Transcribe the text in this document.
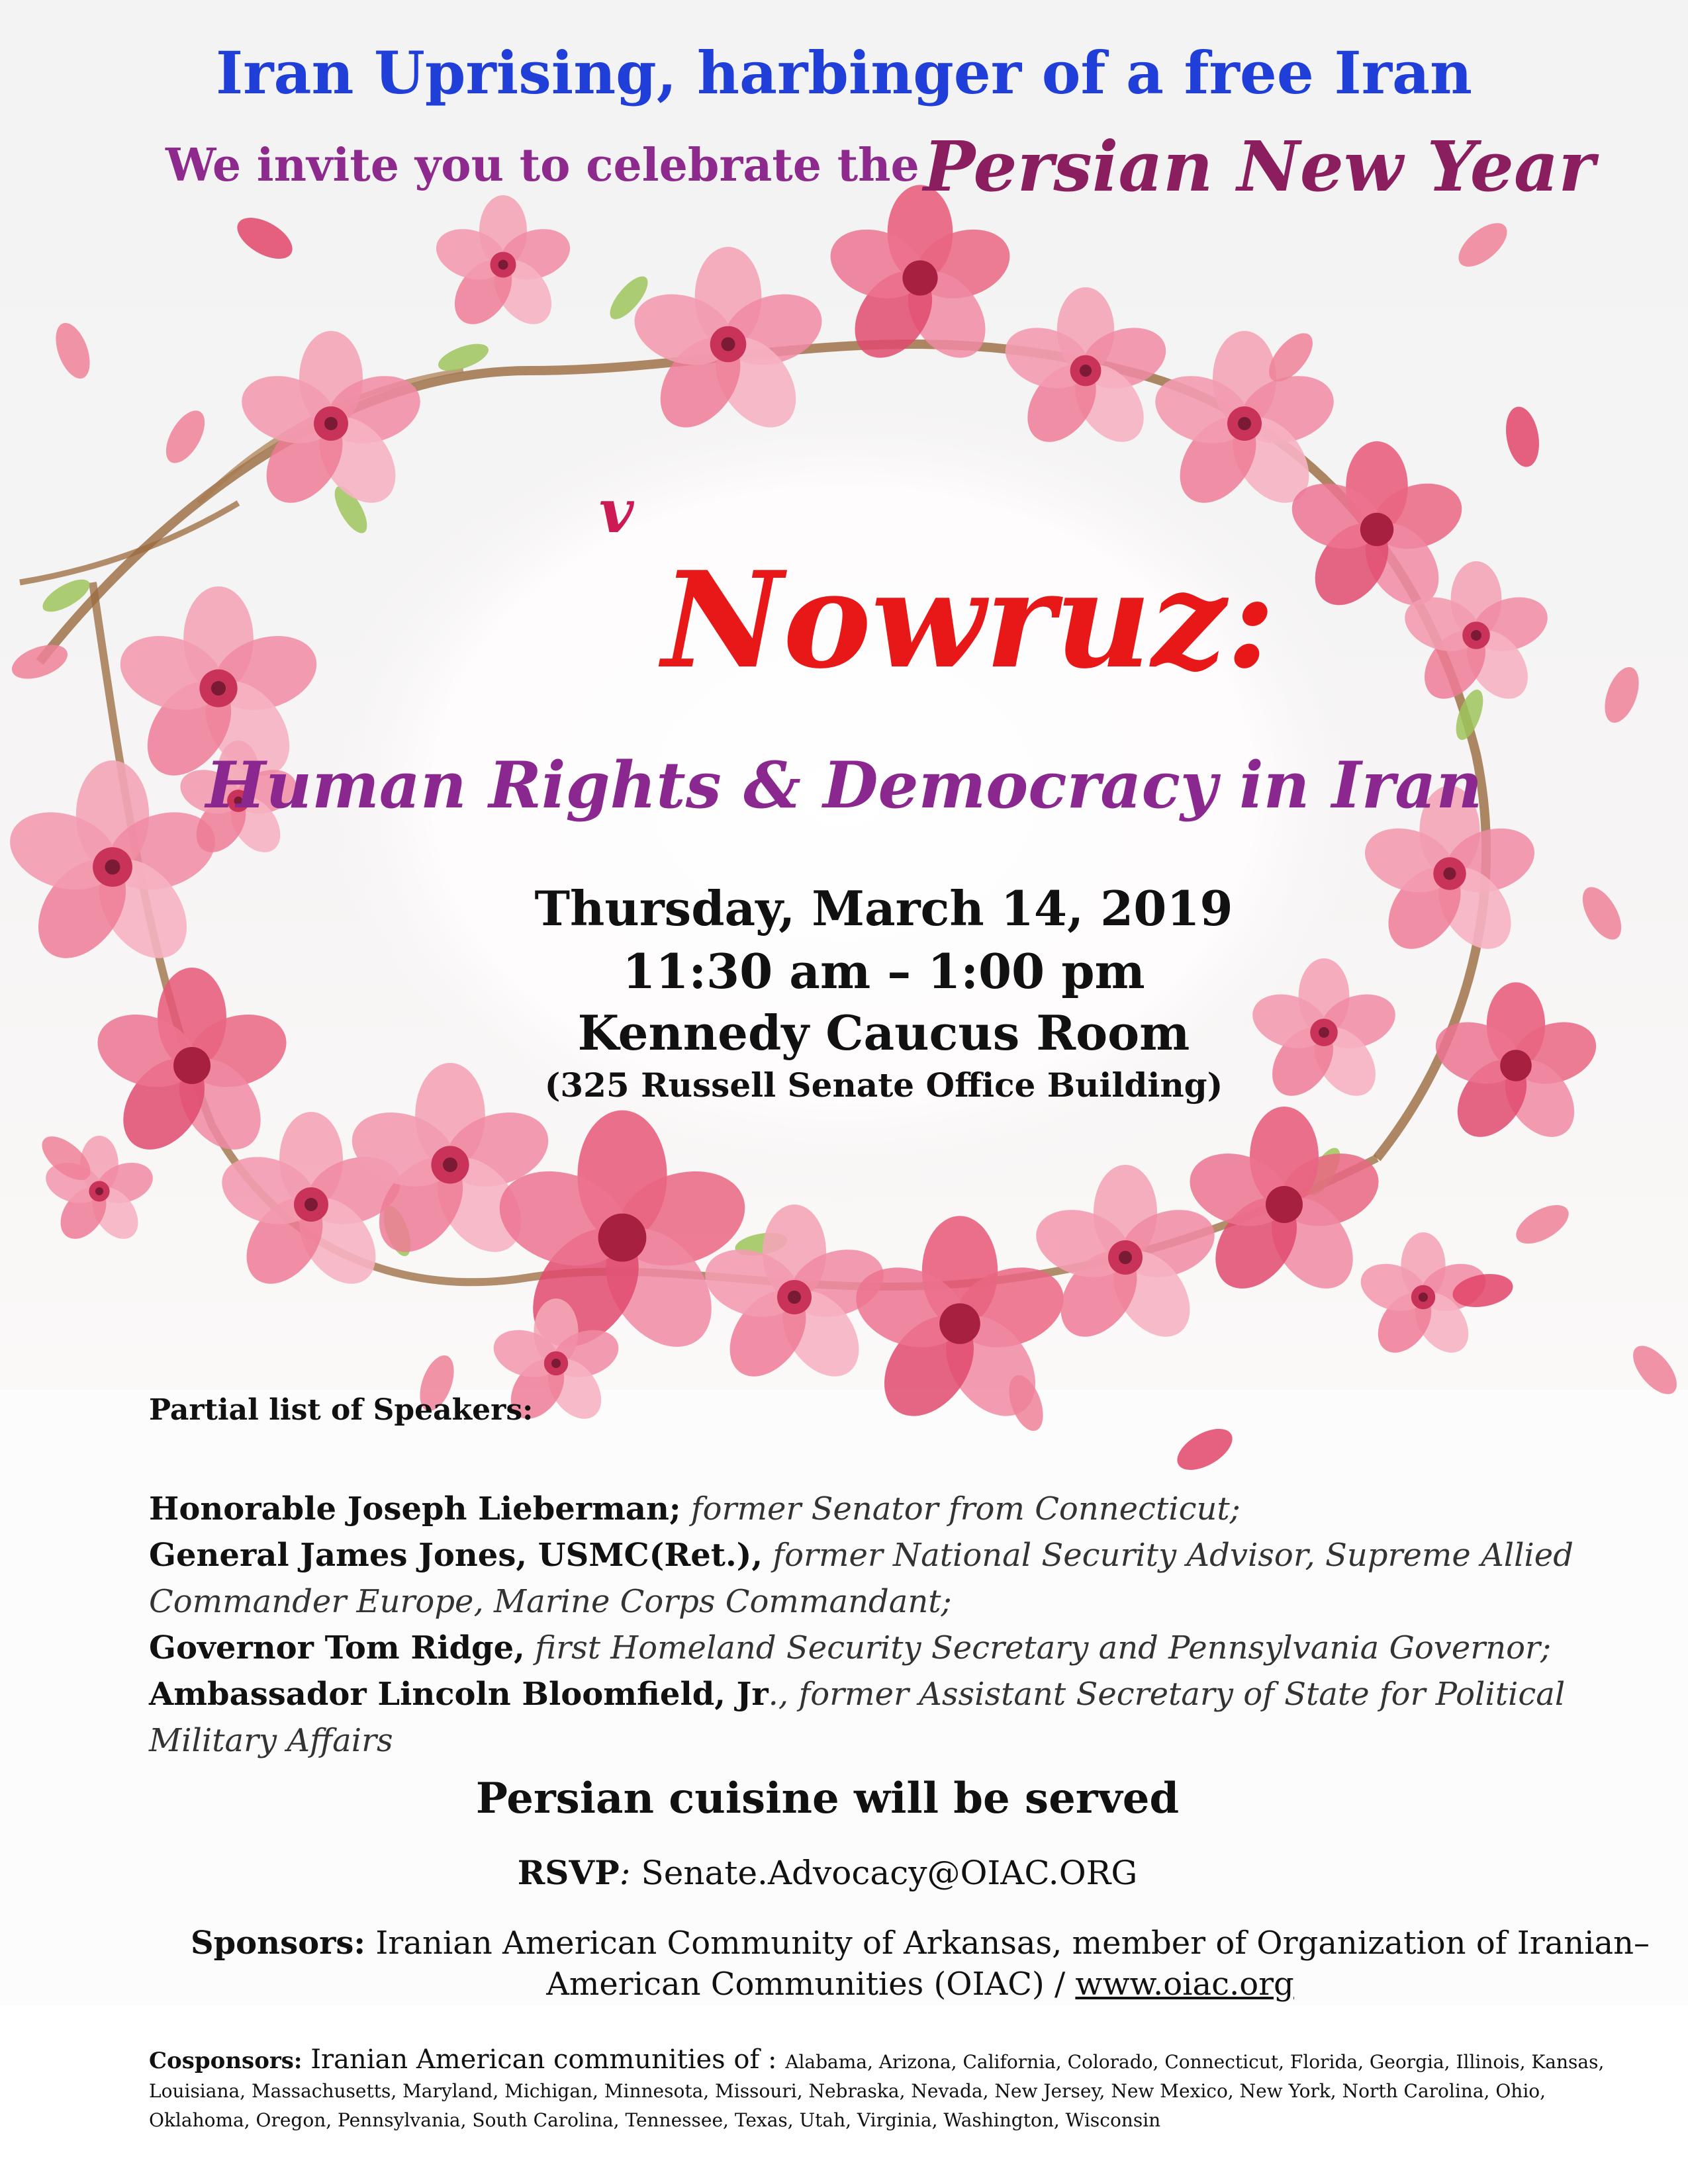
Iran Uprising, harbinger of a free Iran
We invite you to celebrate the Persian New Year
v
Nowruz:
Human Rights & Democracy in Iran
Thursday, March 14, 2019
11:30 am – 1:00 pm
Kennedy Caucus Room
(325 Russell Senate Office Building)
Partial list of Speakers:

Honorable Joseph Lieberman; former Senator from Connecticut;

General James Jones, USMC(Ret.), former National Security Advisor, Supreme Allied Commander Europe, Marine Corps Commandant;

Governor Tom Ridge, first Homeland Security Secretary and Pennsylvania Governor;

Ambassador Lincoln Bloomfield, Jr., former Assistant Secretary of State for Political Military Affairs

Persian cuisine will be served
RSVP: Senate.Advocacy@OIAC.ORG
Sponsors: Iranian American Community of Arkansas, member of Organization of Iranian–American Communities (OIAC) / www.oiac.org
Cosponsors: Iranian American communities of : Alabama, Arizona, California, Colorado, Connecticut, Florida, Georgia, Illinois, Kansas, Louisiana, Massachusetts, Maryland, Michigan, Minnesota, Missouri, Nebraska, Nevada, New Jersey, New Mexico, New York, North Carolina, Ohio, Oklahoma, Oregon, Pennsylvania, South Carolina, Tennessee, Texas, Utah, Virginia, Washington, Wisconsin
